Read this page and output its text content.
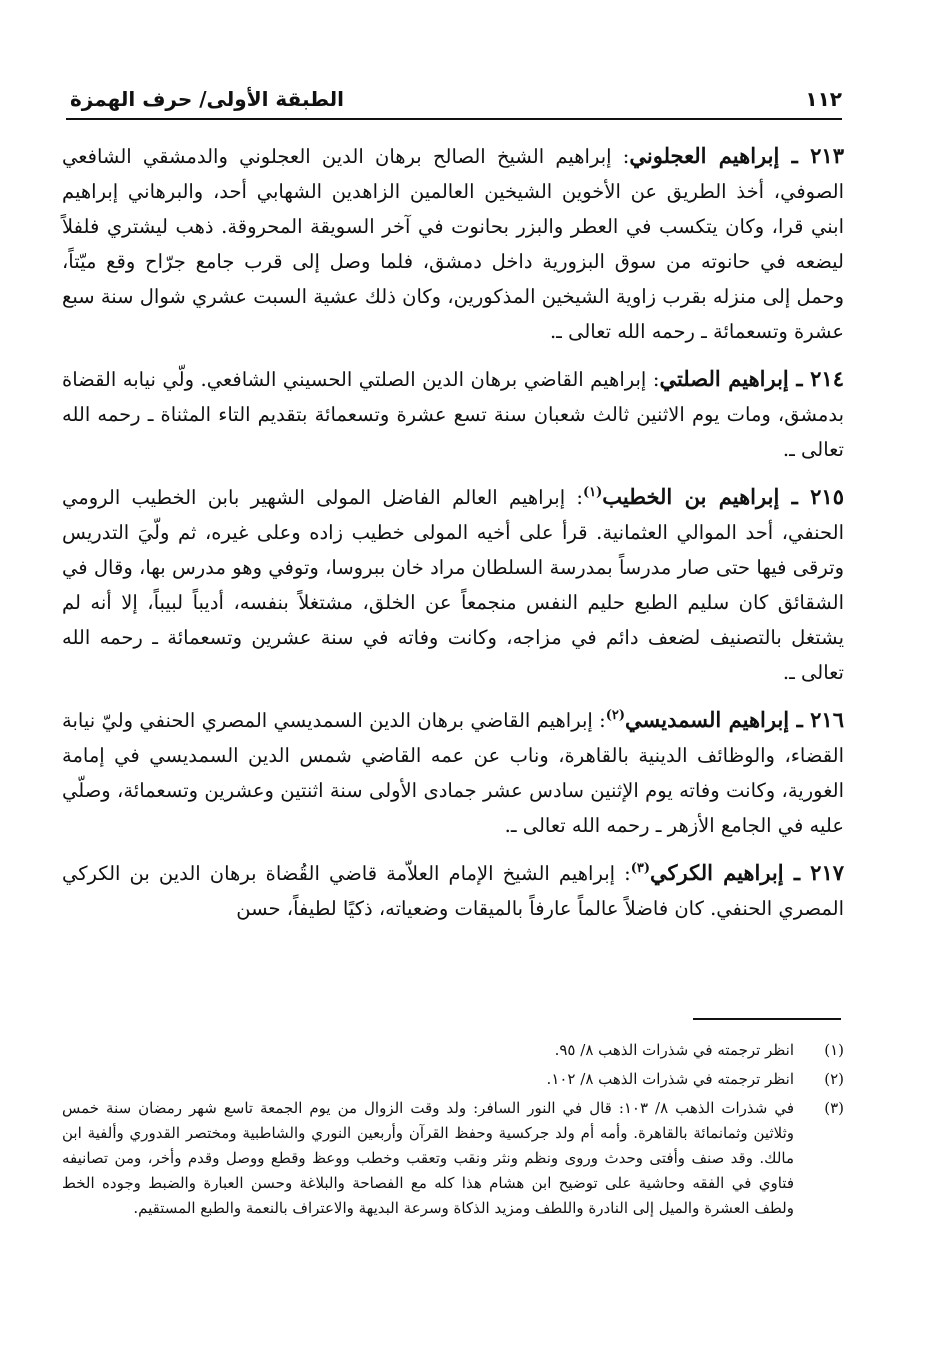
الطبقة الأولى/ حرف الهمزة	١١٢

٢١٣ ـ إبراهيم العجلوني: إبراهيم الشيخ الصالح برهان الدين العجلوني والدمشقي الشافعي الصوفي، أخذ الطريق عن الأخوين الشيخين العالمين الزاهدين الشهابي أحد، والبرهاني إبراهيم ابني قرا، وكان يتكسب في العطر والبزر بحانوت في آخر السويقة المحروقة. ذهب ليشتري فلفلاً ليضعه في حانوته من سوق البزورية داخل دمشق، فلما وصل إلى قرب جامع جرّاح وقع ميّتاً، وحمل إلى منزله بقرب زاوية الشيخين المذكورين، وكان ذلك عشية السبت عشري شوال سنة سبع عشرة وتسعمائة ـ رحمه الله تعالى ـ.

٢١٤ ـ إبراهيم الصلتي: إبراهيم القاضي برهان الدين الصلتي الحسيني الشافعي. ولّي نيابه القضاة بدمشق، ومات يوم الاثنين ثالث شعبان سنة تسع عشرة وتسعمائة بتقديم التاء المثناة ـ رحمه الله تعالى ـ.

٢١٥ ـ إبراهيم بن الخطيب$^{(١)}$: إبراهيم العالم الفاضل المولى الشهير بابن الخطيب الرومي الحنفي، أحد الموالي العثمانية. قرأ على أخيه المولى خطيب زاده وعلى غيره، ثم ولّيَ التدريس وترقى فيها حتى صار مدرساً بمدرسة السلطان مراد خان ببروسا، وتوفي وهو مدرس بها، وقال في الشقائق كان سليم الطبع حليم النفس منجمعاً عن الخلق، مشتغلاً بنفسه، أديباً لبيباً، إلا أنه لم يشتغل بالتصنيف لضعف دائم في مزاجه، وكانت وفاته في سنة عشرين وتسعمائة ـ رحمه الله تعالى ـ.

٢١٦ ـ إبراهيم السمديسي$^{(٢)}$: إبراهيم القاضي برهان الدين السمديسي المصري الحنفي وليّ نيابة القضاء، والوظائف الدينية بالقاهرة، وناب عن عمه القاضي شمس الدين السمديسي في إمامة الغورية، وكانت وفاته يوم الإثنين سادس عشر جمادى الأولى سنة اثنتين وعشرين وتسعمائة، وصلّي عليه في الجامع الأزهر ـ رحمه الله تعالى ـ.

٢١٧ ـ إبراهيم الكركي$^{(٣)}$: إبراهيم الشيخ الإمام العلاّمة قاضي القُضاة برهان الدين بن الكركي المصري الحنفي. كان فاضلاً عالماً عارفاً بالميقات وضعياته، ذكيًا لطيفاً، حسن

(١)
انظر ترجمته في شذرات الذهب ٨/ ٩٥.
(٢)
انظر ترجمته في شذرات الذهب ٨/ ١٠٢.
(٣)
في شذرات الذهب ٨/ ١٠٣: قال في النور السافر: ولد وقت الزوال من يوم الجمعة تاسع شهر رمضان سنة خمس وثلاثين وثمانمائة بالقاهرة. وأمه أم ولد جركسية وحفظ القرآن وأربعين النوري والشاطبية ومختصر القدوري وألفية ابن مالك. وقد صنف وأفتى وحدث وروى ونظم ونثر ونقب وتعقب وخطب ووعظ وقطع ووصل وقدم وأخر، ومن تصانيفه فتاوي في الفقه وحاشية على توضيح ابن هشام هذا كله مع الفصاحة والبلاغة وحسن العبارة والضبط وجوده الخط ولطف العشرة والميل إلى النادرة واللطف ومزيد الذكاة وسرعة البديهة والاعتراف بالنعمة والطبع المستقيم.
